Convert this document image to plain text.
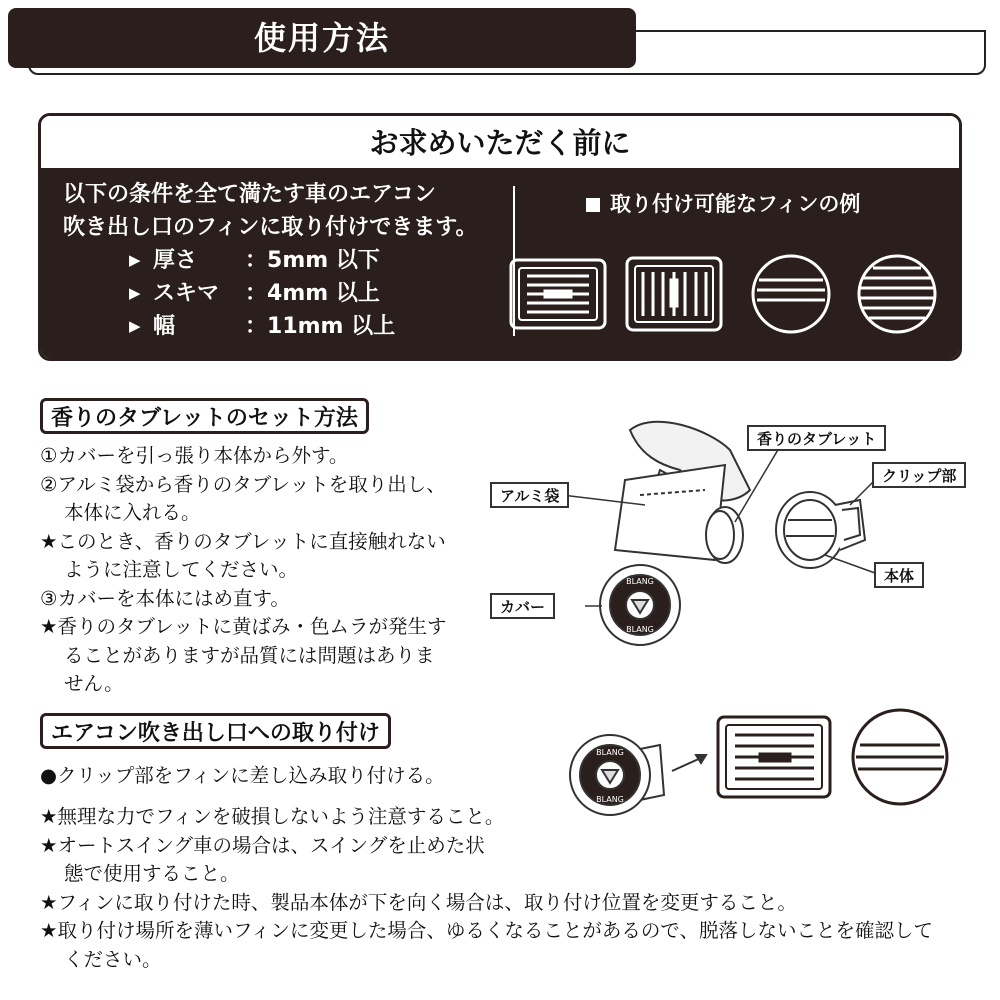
使用方法
お求めいただく前に
以下の条件を全て満たす車のエアコン
吹き出し口のフィンに取り付けできます。
▶ 厚さ	： 5mm 以下
▶ スキマ	： 4mm 以上
▶ 幅	： 11mm 以上
取り付け可能なフィンの例
香りのタブレットのセット方法
①カバーを引っ張り本体から外す。
②アルミ袋から香りのタブレットを取り出し、
本体に入れる。
★このとき、香りのタブレットに直接触れない
ように注意してください。
③カバーを本体にはめ直す。
★香りのタブレットに黄ばみ・色ムラが発生す
ることがありますが品質には問題はありま
せん。
BLANG
BLANG
香りのタブレット
クリップ部
アルミ袋
本体
カバー
エアコン吹き出し口への取り付け
●クリップ部をフィンに差し込み取り付ける。
★無理な力でフィンを破損しないよう注意すること。
★オートスイング車の場合は、スイングを止めた状
態で使用すること。
★フィンに取り付けた時、製品本体が下を向く場合は、取り付け位置を変更すること。
★取り付け場所を薄いフィンに変更した場合、ゆるくなることがあるので、脱落しないことを確認して
ください。
BLANG
BLANG
